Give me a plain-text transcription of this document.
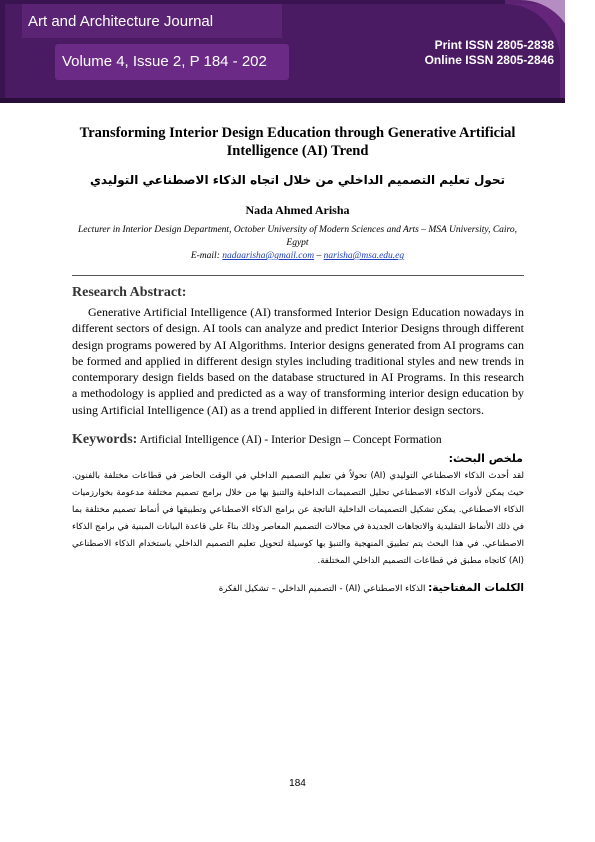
Art and Architecture Journal
Volume 4, Issue 2, P 184 - 202
Print ISSN 2805-2838
Online ISSN 2805-2846
Transforming Interior Design Education through Generative Artificial Intelligence (AI) Trend
تحول تعليم التصميم الداخلي من خلال اتجاه الذكاء الاصطناعي التوليدي
Nada Ahmed Arisha
Lecturer in Interior Design Department, October University of Modern Sciences and Arts – MSA University, Cairo, Egypt
E-mail: nadaarisha@gmail.com – narisha@msa.edu.eg
Research Abstract:
Generative Artificial Intelligence (AI) transformed Interior Design Education nowadays in different sectors of design. AI tools can analyze and predict Interior Designs through different design programs powered by AI Algorithms. Interior designs generated from AI programs can be formed and applied in different design styles including traditional styles and new trends in contemporary design fields based on the database structured in AI Programs. In this research a methodology is applied and predicted as a way of transforming interior design education by using Artificial Intelligence (AI) as a trend applied in different Interior design sectors.
Keywords: Artificial Intelligence (AI) - Interior Design – Concept Formation
ملخص البحث:
لقد أحدث الذكاء الاصطناعي التوليدي (AI) تحولاً في تعليم التصميم الداخلي في الوقت الحاضر في قطاعات مختلفة بالفنون. حيث يمكن لأدوات الذكاء الاصطناعي تحليل التصميمات الداخلية والتنبؤ بها من خلال برامج تصميم مختلفة مدعومة بخوارزميات الذكاء الاصطناعي. يمكن تشكيل التصميمات الداخلية الناتجة عن برامج الذكاء الاصطناعي وتطبيقها في أنماط تصميم مختلفة بما في ذلك الأنماط التقليدية والاتجاهات الجديدة في مجالات التصميم المعاصر وذلك بناءً على قاعدة البيانات المبنية في برامج الذكاء الاصطناعي. في هذا البحث يتم تطبيق المنهجية والتنبؤ بها كوسيلة لتحويل تعليم التصميم الداخلي باستخدام الذكاء الاصطناعي (AI) كاتجاه مطبق في قطاعات التصميم الداخلي المختلفة.
الكلمات المفتاحية: الذكاء الاصطناعي (AI) - التصميم الداخلي – تشكيل الفكرة
184
